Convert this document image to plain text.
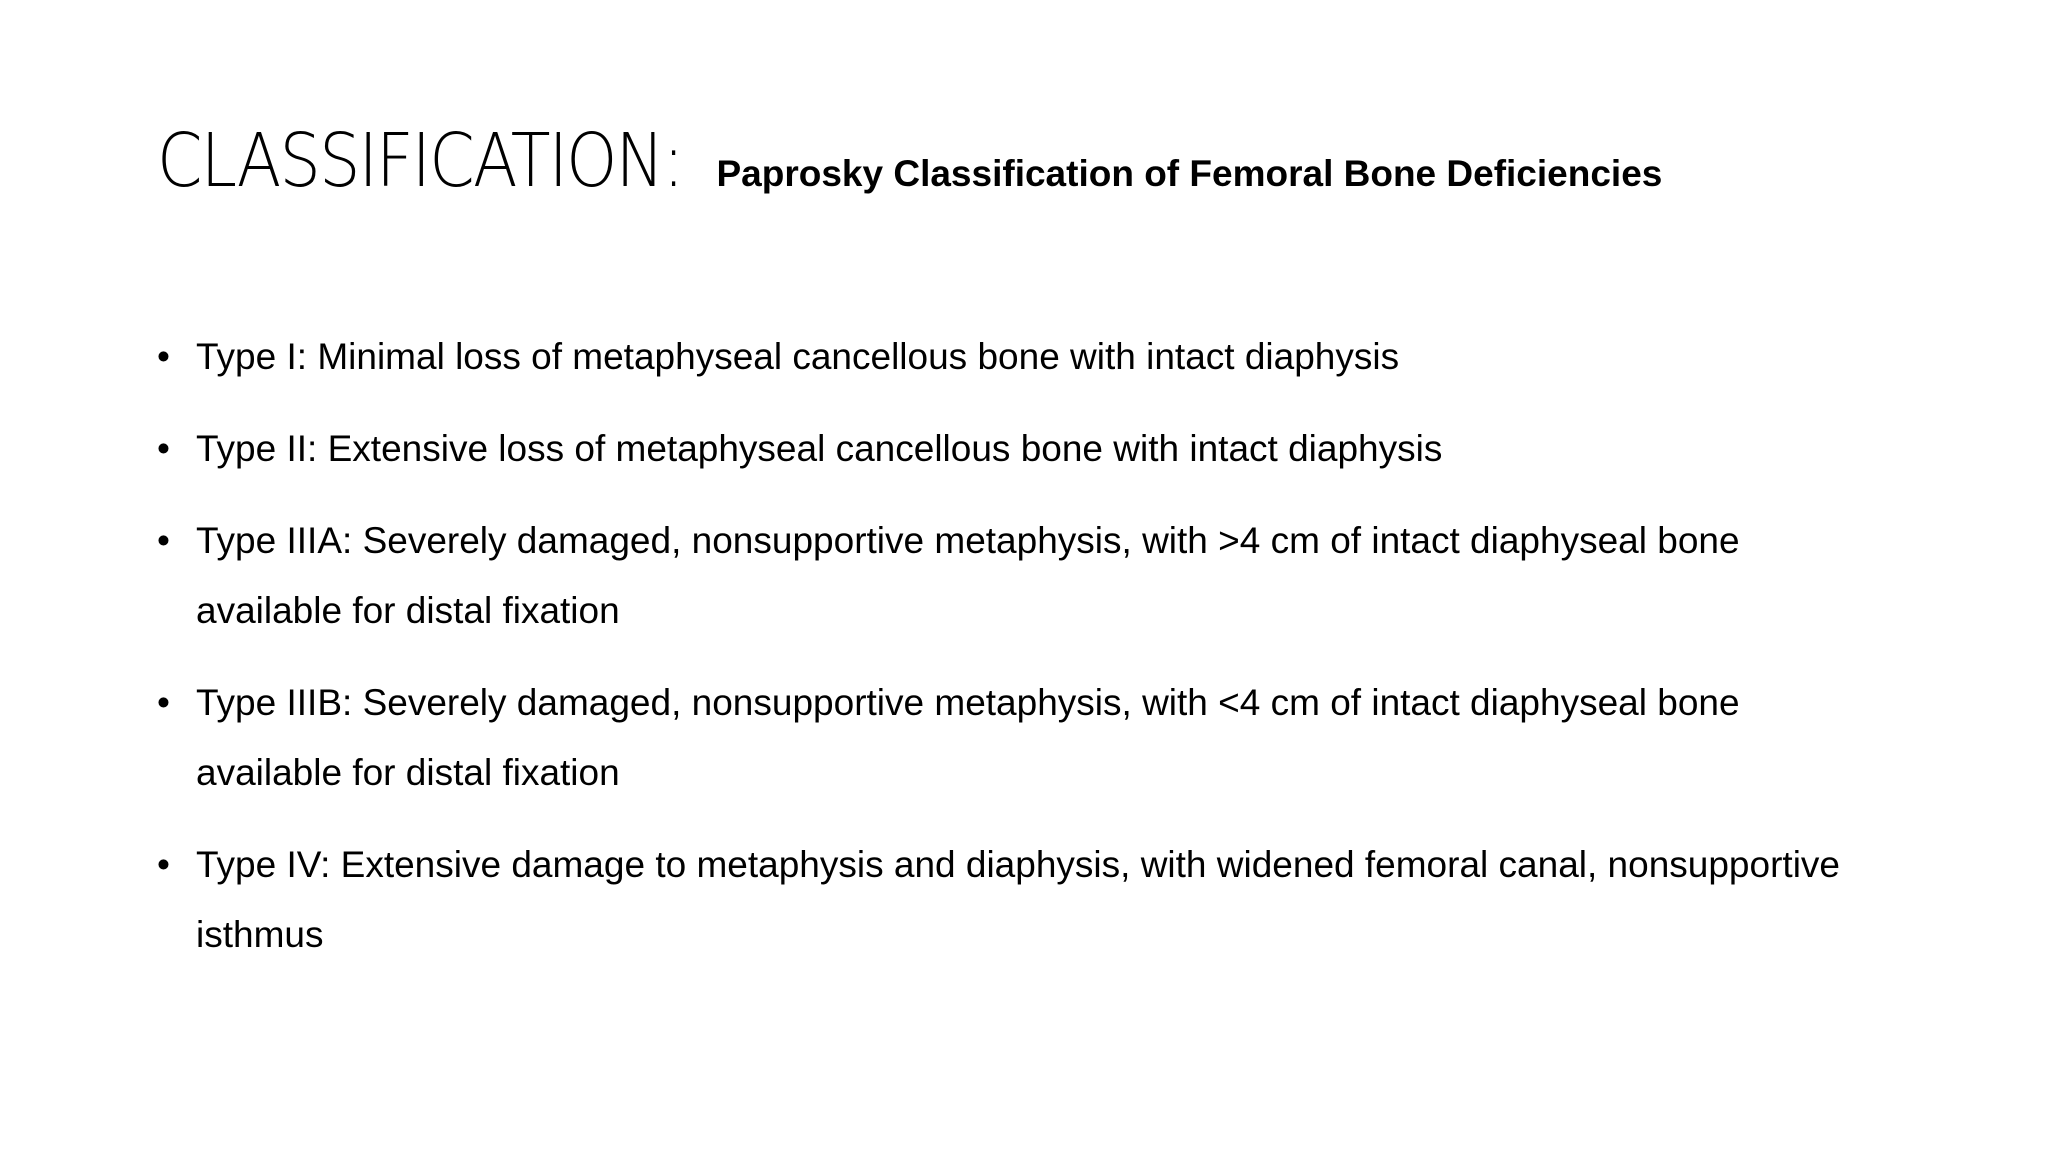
CLASSIFICATION: Paprosky Classification of Femoral Bone Deficiencies
• Type I: Minimal loss of metaphyseal cancellous bone with intact diaphysis
• Type II: Extensive loss of metaphyseal cancellous bone with intact diaphysis
• Type IIIA: Severely damaged, nonsupportive metaphysis, with >4 cm of intact diaphyseal bone available for distal fixation
• Type IIIB: Severely damaged, nonsupportive metaphysis, with <4 cm of intact diaphyseal bone available for distal fixation
• Type IV: Extensive damage to metaphysis and diaphysis, with widened femoral canal, nonsupportive isthmus
